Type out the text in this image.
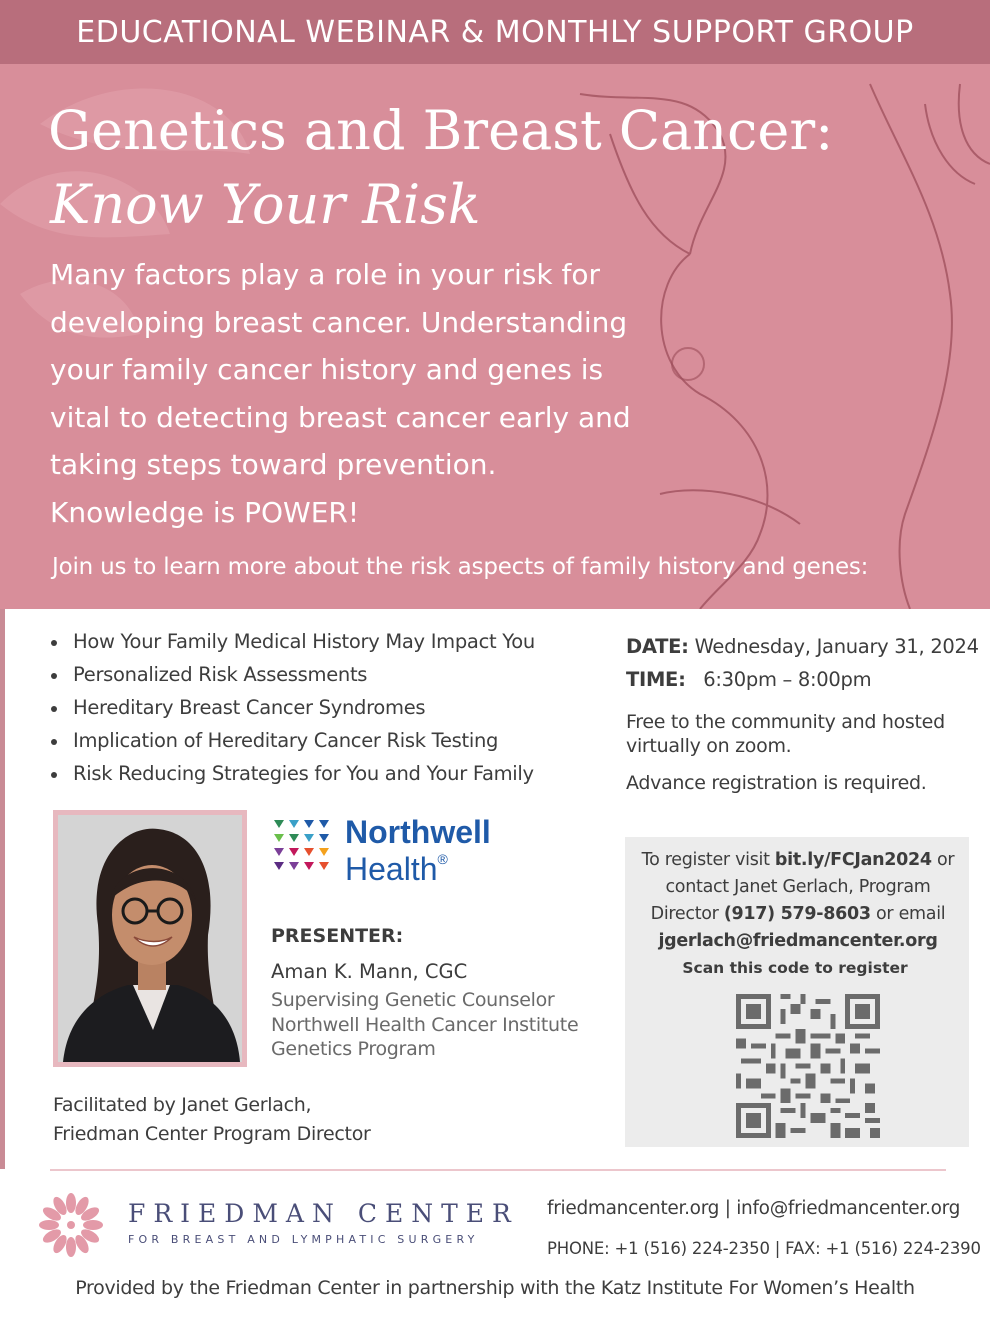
EDUCATIONAL WEBINAR & MONTHLY SUPPORT GROUP
Genetics and Breast Cancer:
Know Your Risk
Many factors play a role in your risk for
developing breast cancer. Understanding
your family cancer history and genes is
vital to detecting breast cancer early and
taking steps toward prevention.
Knowledge is POWER!
Join us to learn more about the risk aspects of family history and genes:
How Your Family Medical History May Impact You
Personalized Risk Assessments
Hereditary Breast Cancer Syndromes
Implication of Hereditary Cancer Risk Testing
Risk Reducing Strategies for You and Your Family
DATE: Wednesday, January 31, 2024
TIME: 6:30pm – 8:00pm
Free to the community and hosted
virtually on zoom.
Advance registration is required.
Northwell
Health®
PRESENTER:
Aman K. Mann, CGC
Supervising Genetic Counselor
Northwell Health Cancer Institute
Genetics Program
Facilitated by Janet Gerlach,
Friedman Center Program Director
To register visit bit.ly/FCJan2024 or
contact Janet Gerlach, Program
Director (917) 579-8603 or email
jgerlach@friedmancenter.org
Scan this code to register
FRIEDMAN CENTER
FOR BREAST AND LYMPHATIC SURGERY
friedmancenter.org | info@friedmancenter.org
PHONE: +1 (516) 224-2350 | FAX: +1 (516) 224-2390
Provided by the Friedman Center in partnership with the Katz Institute For Women’s Health
